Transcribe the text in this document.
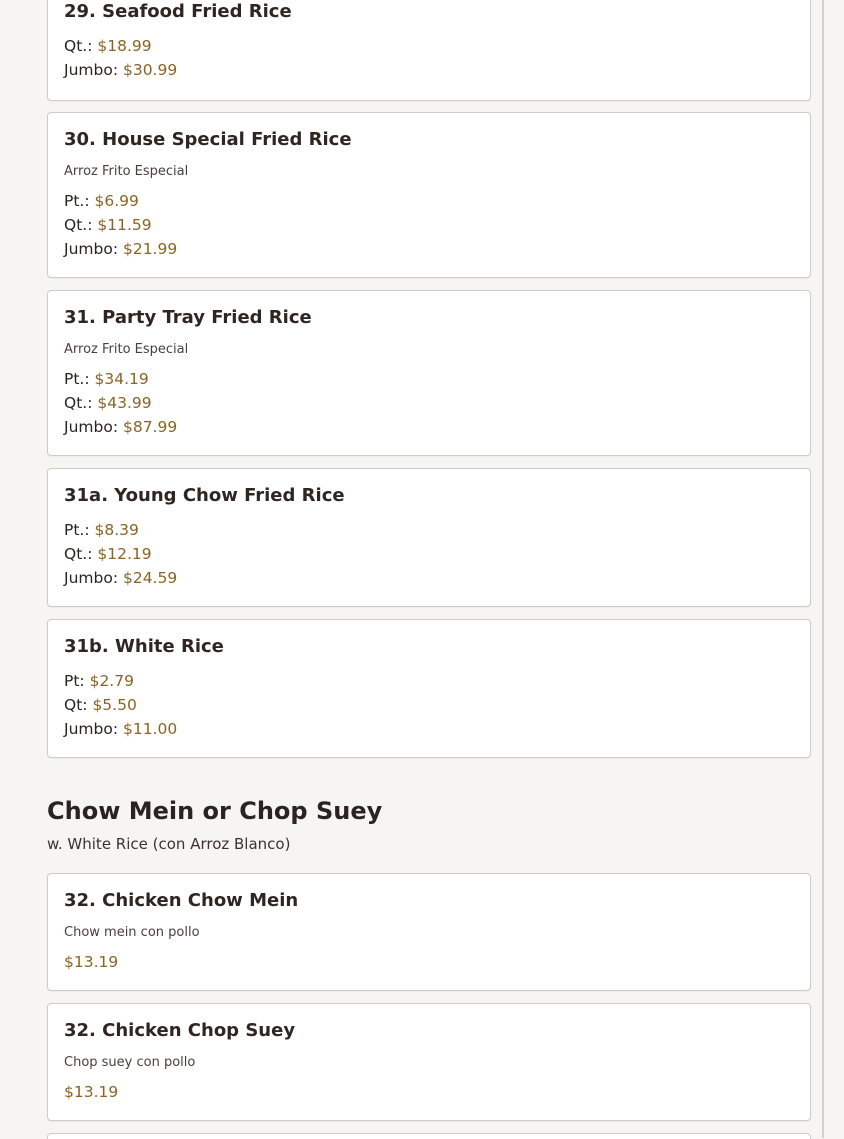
29. Seafood Fried Rice
Qt.: $18.99
Jumbo: $30.99
30. House Special Fried Rice
Arroz Frito Especial
Pt.: $6.99
Qt.: $11.59
Jumbo: $21.99
31. Party Tray Fried Rice
Arroz Frito Especial
Pt.: $34.19
Qt.: $43.99
Jumbo: $87.99
31a. Young Chow Fried Rice
Pt.: $8.39
Qt.: $12.19
Jumbo: $24.59
31b. White Rice
Pt: $2.79
Qt: $5.50
Jumbo: $11.00
Chow Mein or Chop Suey
w. White Rice (con Arroz Blanco)
32. Chicken Chow Mein
Chow mein con pollo
$13.19
32. Chicken Chop Suey
Chop suey con pollo
$13.19
